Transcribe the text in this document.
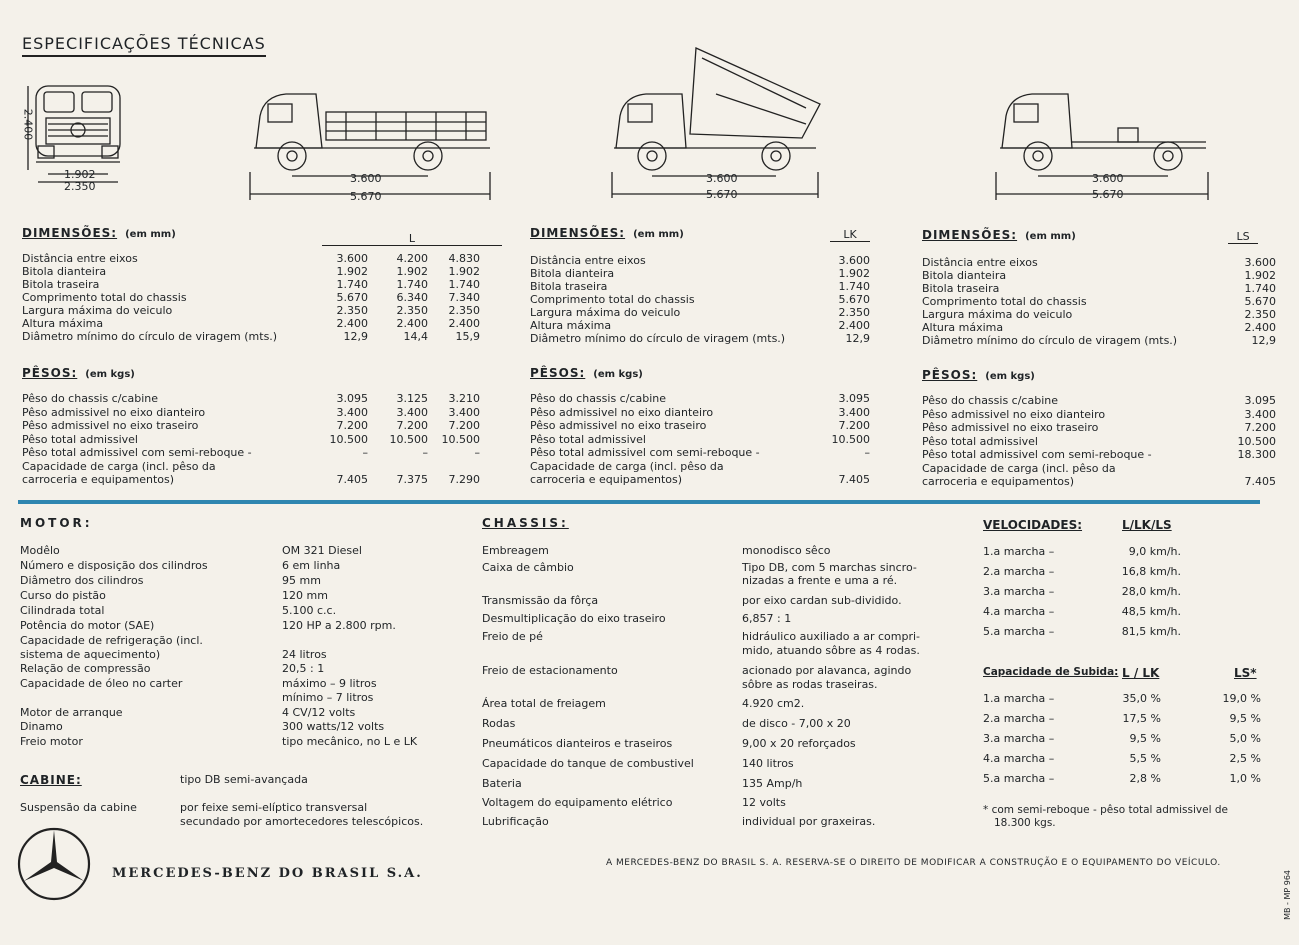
ESPECIFICAÇÕES TÉCNICAS
2.400
1.902
2.350
3.600
5.670
3.600
5.670
3.600
5.670
DIMENSÕES: (em mm)	L
Distância entre eixos	3.600	4.200	4.830
Bitola dianteira	1.902	1.902	1.902
Bitola traseira	1.740	1.740	1.740
Comprimento total do chassis	5.670	6.340	7.340
Largura máxima do veiculo	2.350	2.350	2.350
Altura máxima	2.400	2.400	2.400
Diâmetro mínimo do círculo de viragem (mts.)	12,9	14,4	15,9
PÊSOS: (em kgs)
Pêso do chassis c/cabine	3.095	3.125	3.210
Pêso admissivel no eixo dianteiro	3.400	3.400	3.400
Pêso admissivel no eixo traseiro	7.200	7.200	7.200
Pêso total admissivel	10.500	10.500	10.500
Pêso total admissivel com semi-reboque -	–	–	–
Capacidade de carga (incl. pêso da
carroceria e equipamentos)	7.405	7.375	7.290
DIMENSÕES: (em mm)	LK
Distância entre eixos	3.600
Bitola dianteira	1.902
Bitola traseira	1.740
Comprimento total do chassis	5.670
Largura máxima do veiculo	2.350
Altura máxima	2.400
Diâmetro mínimo do círculo de viragem (mts.)	12,9
PÊSOS: (em kgs)
Pêso do chassis c/cabine	3.095
Pêso admissivel no eixo dianteiro	3.400
Pêso admissivel no eixo traseiro	7.200
Pêso total admissivel	10.500
Pêso total admissivel com semi-reboque -	–
Capacidade de carga (incl. pêso da
carroceria e equipamentos)	7.405
DIMENSÕES: (em mm)	LS
Distância entre eixos	3.600
Bitola dianteira	1.902
Bitola traseira	1.740
Comprimento total do chassis	5.670
Largura máxima do veiculo	2.350
Altura máxima	2.400
Diâmetro mínimo do círculo de viragem (mts.)	12,9
PÊSOS: (em kgs)
Pêso do chassis c/cabine	3.095
Pêso admissivel no eixo dianteiro	3.400
Pêso admissivel no eixo traseiro	7.200
Pêso total admissivel	10.500
Pêso total admissivel com semi-reboque -	18.300
Capacidade de carga (incl. pêso da
carroceria e equipamentos)	7.405
MOTOR:
Modêlo	OM 321 Diesel
Número e disposição dos cilindros	6 em linha
Diâmetro dos cilindros	95 mm
Curso do pistão	120 mm
Cilindrada total	5.100 c.c.
Potência do motor (SAE)	120 HP a 2.800 rpm.
Capacidade de refrigeração (incl.
sistema de aquecimento)	24 litros
Relação de compressão	20,5 : 1
Capacidade de óleo no carter	máximo – 9 litros
mínimo – 7 litros
Motor de arranque	4 CV/12 volts
Dinamo	300 watts/12 volts
Freio motor	tipo mecânico, no L e LK
CABINE:	tipo DB semi-avançada
Suspensão da cabine	por feixe semi-elíptico transversal
secundado por amortecedores telescópicos.
CHASSIS:
Embreagem	monodisco sêco
Caixa de câmbio	Tipo DB, com 5 marchas sincro-
nizadas a frente e uma a ré.
Transmissão da fôrça	por eixo cardan sub-dividido.
Desmultiplicação do eixo traseiro	6,857 : 1
Freio de pé	hidráulico auxiliado a ar compri-
mido, atuando sôbre as 4 rodas.
Freio de estacionamento	acionado por alavanca, agindo
sôbre as rodas traseiras.
Área total de freiagem	4.920 cm2.
Rodas	de disco - 7,00 x 20
Pneumáticos dianteiros e traseiros	9,00 x 20 reforçados
Capacidade do tanque de combustivel	140 litros
Bateria	135 Amp/h
Voltagem do equipamento elétrico	12 volts
Lubrificação	individual por graxeiras.
VELOCIDADES:	L/LK/LS
1.a marcha –	9,0 km/h.
2.a marcha –	16,8 km/h.
3.a marcha –	28,0 km/h.
4.a marcha –	48,5 km/h.
5.a marcha –	81,5 km/h.
Capacidade de Subida: L / LK	LS*
1.a marcha –	35,0 %	19,0 %
2.a marcha –	17,5 %	9,5 %
3.a marcha –	9,5 %	5,0 %
4.a marcha –	5,5 %	2,5 %
5.a marcha –	2,8 %	1,0 %
* com semi-reboque - pêso total admissivel de
18.300 kgs.
MERCEDES-BENZ DO BRASIL S.A.
A MERCEDES-BENZ DO BRASIL S. A. RESERVA-SE O DIREITO DE MODIFICAR A CONSTRUÇÃO E O EQUIPAMENTO DO VEÍCULO.
MB - MP 964
